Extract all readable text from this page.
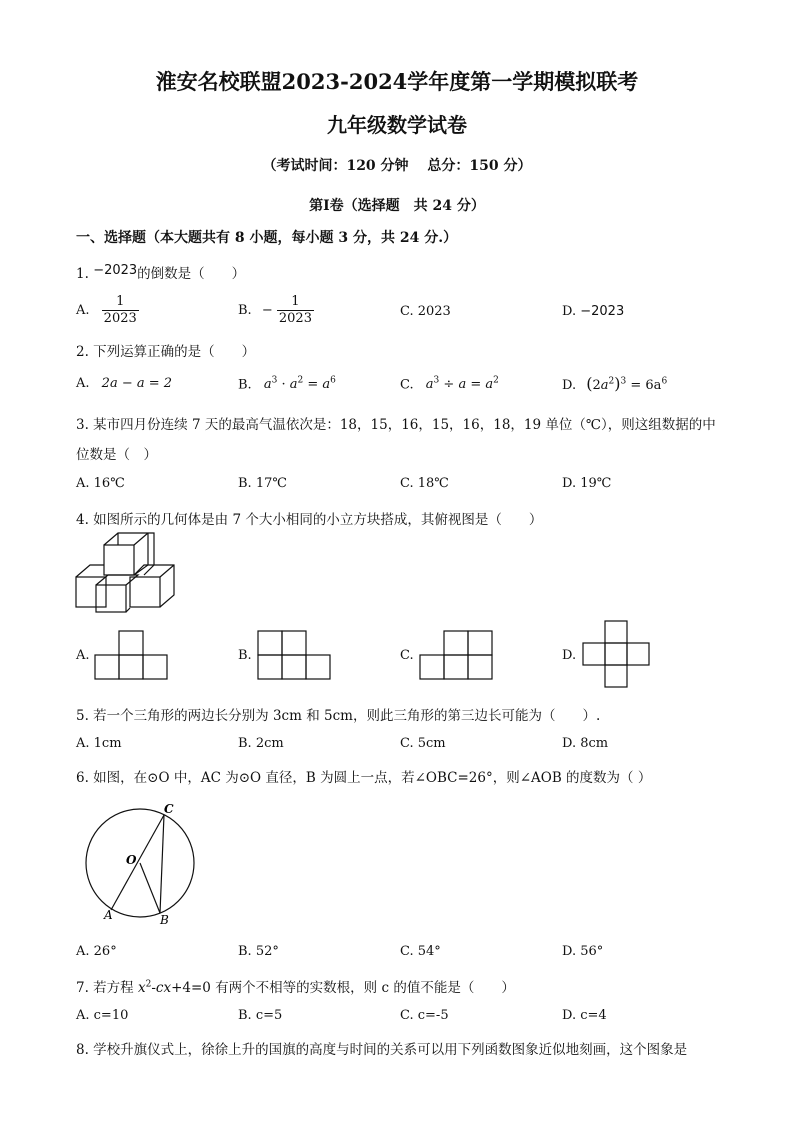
淮安名校联盟2023-2024学年度第一学期模拟联考
九年级数学试卷
（考试时间：120 分钟　 总分：150 分）
第Ⅰ卷（选择题　共 24 分）
一、选择题（本大题共有 8 小题，每小题 3 分，共 24 分.）
1. −2023的倒数是（　　）
A. $\frac{1}{2023}$	B. − $\frac{1}{2023}$	C. 2023	D. −2023
2. 下列运算正确的是（　　）
A. 2a − a = 2	B. $a^3 \cdot a^2 = a^6$	C. $a^3 \div a = a^2$	D. $(2a^2)^3 = 6a^6$
3. 某市四月份连续 7 天的最高气温依次是：18，15，16，15，16，18，19 单位（℃），则这组数据的中
位数是（　）
A. 16℃	B. 17℃	C. 18℃	D. 19℃
4. 如图所示的几何体是由 7 个大小相同的小立方块搭成，其俯视图是（　　）
A.	B.	C.	D.
5. 若一个三角形的两边长分别为 3cm 和 5cm，则此三角形的第三边长可能为（　　）.
A. 1cm	B. 2cm	C. 5cm	D. 8cm
6. 如图，在⊙O 中，AC 为⊙O 直径，B 为圆上一点，若∠OBC=26°，则∠AOB 的度数为（ ）
C
O
A	B
A. 26°	B. 52°	C. 54°	D. 56°
7. 若方程 $x^2-cx+4=0$ 有两个不相等的实数根，则 c 的值不能是（　　）
A. c=10	B. c=5	C. c=-5	D. c=4
8. 学校升旗仪式上，徐徐上升的国旗的高度与时间的关系可以用下列函数图象近似地刻画，这个图象是
